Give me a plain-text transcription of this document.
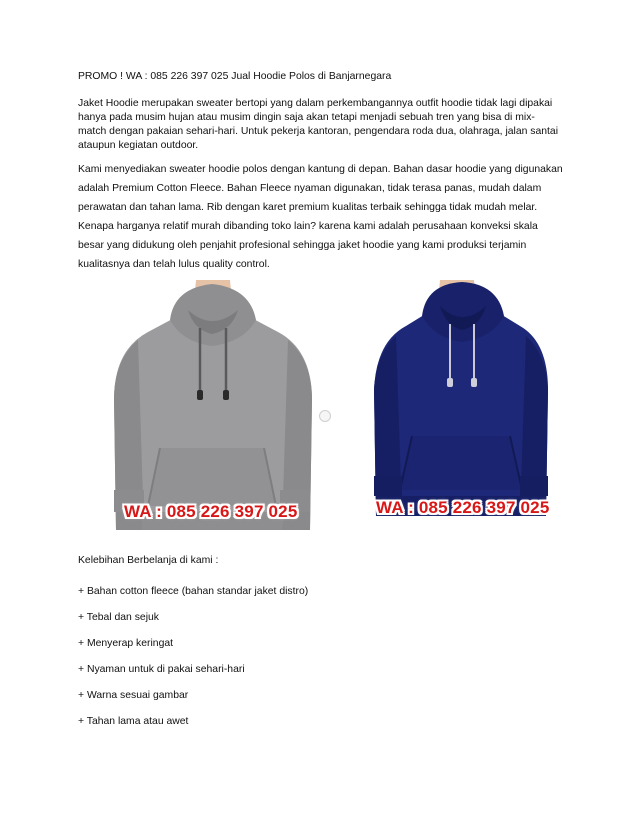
PROMO ! WA : 085 226 397 025 Jual Hoodie Polos di Banjarnegara
Jaket Hoodie merupakan sweater bertopi yang dalam perkembangannya outfit hoodie tidak lagi dipakai
hanya pada musim hujan atau musim dingin saja akan tetapi menjadi sebuah tren yang bisa di mix-
match dengan pakaian sehari-hari. Untuk pekerja kantoran, pengendara roda dua, olahraga, jalan santai
ataupun kegiatan outdoor.
Kami menyediakan sweater hoodie polos dengan kantung di depan. Bahan dasar hoodie yang digunakan
adalah Premium Cotton Fleece. Bahan Fleece nyaman digunakan, tidak terasa panas, mudah dalam
perawatan dan tahan lama. Rib dengan karet premium kualitas terbaik sehingga tidak mudah melar.
Kenapa harganya relatif murah dibanding toko lain? karena kami adalah perusahaan konveksi skala
besar yang didukung oleh penjahit profesional sehingga jaket hoodie yang kami produksi terjamin
kualitasnya dan telah lulus quality control.
WA : 085 226 397 025	WA : 085 226 397 025
Kelebihan Berbelanja di kami :
+ Bahan cotton fleece (bahan standar jaket distro)
+ Tebal dan sejuk
+ Menyerap keringat
+ Nyaman untuk di pakai sehari-hari
+ Warna sesuai gambar
+ Tahan lama atau awet
